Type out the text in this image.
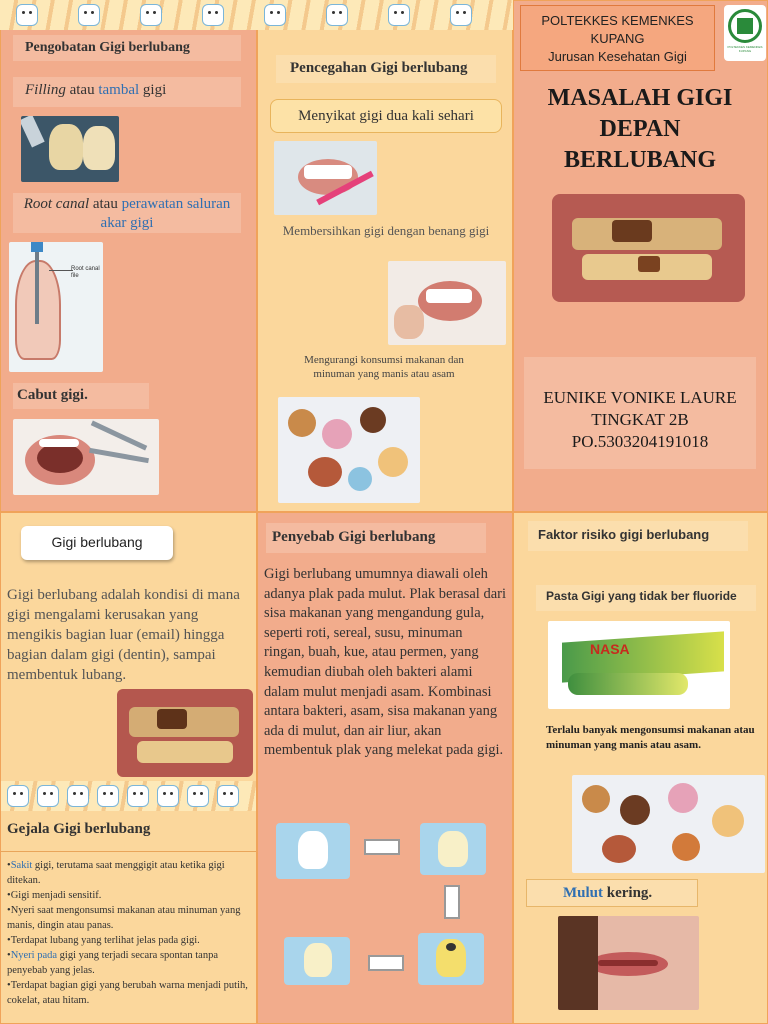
Pengobatan Gigi berlubang
Filling atau tambal gigi
Root canal atau perawatan saluran akar gigi
Root canal file
Cabut gigi.
Pencegahan Gigi berlubang
Menyikat gigi dua kali sehari
Membersihkan gigi dengan benang gigi
Mengurangi konsumsi makanan dan minuman yang manis atau asam
POLTEKKES KEMENKES
KUPANG
Jurusan Kesehatan Gigi
POLTEKKES KEMENKES KUPANG
MASALAH GIGI DEPAN BERLUBANG
EUNIKE VONIKE LAURE
TINGKAT 2B
PO.5303204191018
Gigi berlubang

Gigi berlubang adalah kondisi di mana gigi mengalami kerusakan yang mengikis bagian luar (email) hingga bagian dalam gigi (dentin), sampai membentuk lubang.

Gejala Gigi berlubang
•Sakit gigi, terutama saat menggigit atau ketika gigi ditekan.
•Gigi menjadi sensitif.
•Nyeri saat mengonsumsi makanan atau minuman yang manis, dingin atau panas.
•Terdapat lubang yang terlihat jelas pada gigi.
•Nyeri pada gigi yang terjadi secara spontan tanpa penyebab yang jelas.
•Terdapat bagian gigi yang berubah warna menjadi putih, cokelat, atau hitam.
Penyebab Gigi berlubang

Gigi berlubang umumnya diawali oleh adanya plak pada mulut. Plak berasal dari sisa makanan yang mengandung gula, seperti roti, sereal, susu, minuman ringan, buah, kue, atau permen, yang kemudian diubah oleh bakteri alami dalam mulut menjadi asam. Kombinasi antara bakteri, asam, sisa makanan yang ada di mulut, dan air liur, akan membentuk plak yang melekat pada gigi.

Faktor risiko gigi berlubang
Pasta Gigi yang tidak ber fluoride
NASA
Terlalu banyak mengonsumsi makanan atau minuman yang manis atau asam.
Mulut kering.
